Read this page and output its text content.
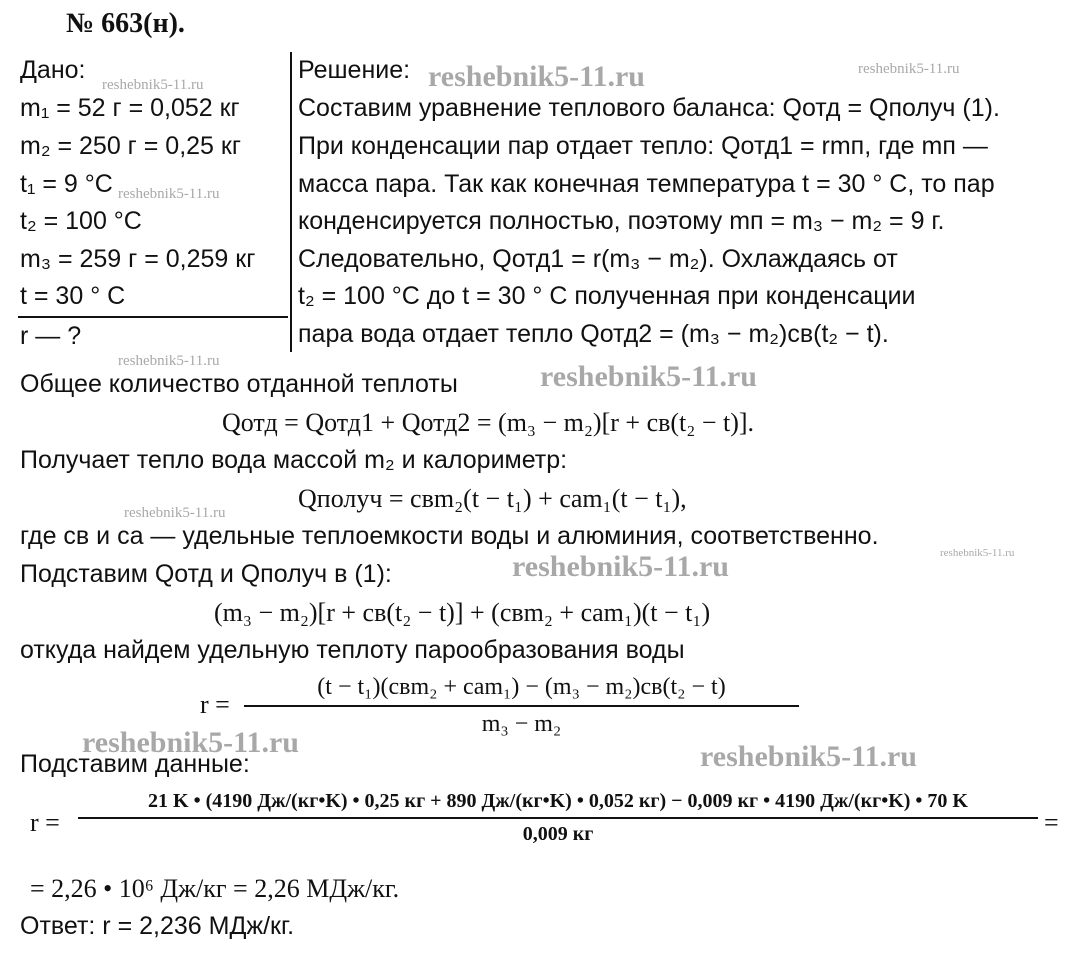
№ 663(н).
Дано:
m₁ = 52 г = 0,052 кг
m₂ = 250 г = 0,25 кг
t₁ = 9 °C
t₂ = 100 °C
m₃ = 259 г = 0,259 кг
t = 30 ° C
r — ?
Решение:
Составим уравнение теплового баланса: Qотд = Qполуч (1).
При конденсации пар отдает тепло: Qотд1 = rmп, где mп —
масса пара. Так как конечная температура t = 30 ° C, то пар
конденсируется полностью, поэтому mп = m₃ − m₂ = 9 г.
Следовательно, Qотд1 = r(m₃ − m₂). Охлаждаясь от
t₂ = 100 °C до t = 30 ° C полученная при конденсации
пара вода отдает тепло Qотд2 = (m₃ − m₂)cв(t₂ − t).
Общее количество отданной теплоты
Qотд = Qотд1 + Qотд2 = (m₃ − m₂)[r + cв(t₂ − t)].
Получает тепло вода массой m₂ и калориметр:
Qполуч = cвm₂(t − t₁) + cаm₁(t − t₁),
где cв и cа — удельные теплоемкости воды и алюминия, соответственно.
Подставим Qотд и Qполуч в (1):
(m₃ − m₂)[r + cв(t₂ − t)] + (cвm₂ + cаm₁)(t − t₁)
откуда найдем удельную теплоту парообразования воды
r =
(t − t₁)(cвm₂ + cаm₁) − (m₃ − m₂)cв(t₂ − t)
m₃ − m₂
Подставим данные:
r =
21 K • (4190 Дж/(кг•K) • 0,25 кг + 890 Дж/(кг•K) • 0,052 кг) − 0,009 кг • 4190 Дж/(кг•K) • 70 K
0,009 кг	=
= 2,26 • 10⁶ Дж/кг = 2,26 МДж/кг.
Ответ: r = 2,236 МДж/кг.
reshebnik5-11.ru	reshebnik5-11.ru	reshebnik5-11.ru
reshebnik5-11.ru
reshebnik5-11.ru	reshebnik5-11.ru
reshebnik5-11.ru
reshebnik5-11.ru
reshebnik5-11.ru
reshebnik5-11.ru	reshebnik5-11.ru
